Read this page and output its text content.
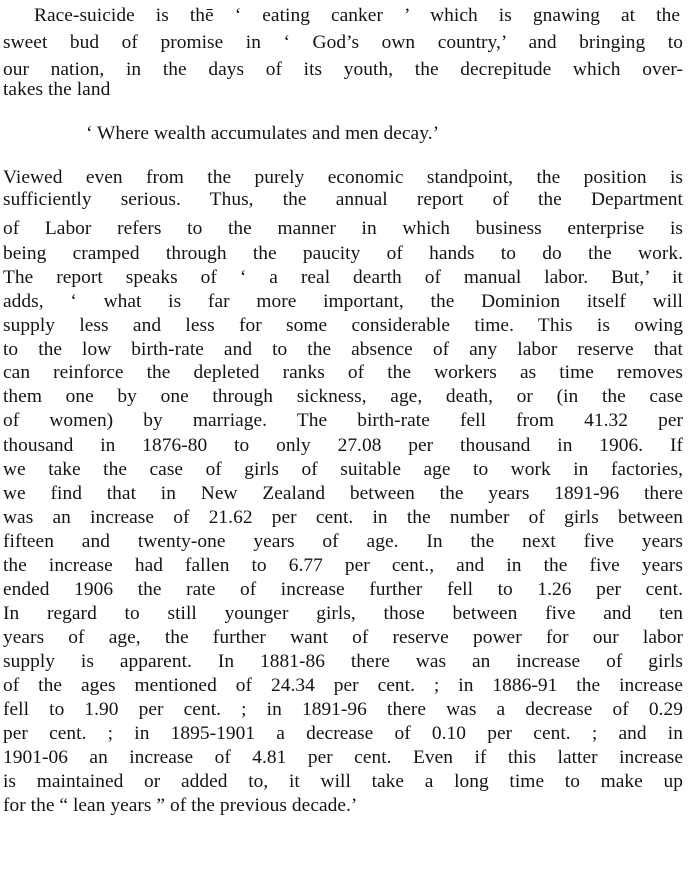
Race-suicide is thē ‘ eating canker ’ which is gnawing at the
sweet bud of promise in ‘ God’s own country,’ and bringing to
our nation, in the days of its youth, the decrepitude which over-
takes the land
‘ Where wealth accumulates and men decay.’
Viewed even from the purely economic standpoint, the position is
sufficiently serious. Thus, the annual report of the Department
of Labor refers to the manner in which business enterprise is
being cramped through the paucity of hands to do the work.
The report speaks of ‘ a real dearth of manual labor. But,’ it
adds, ‘ what is far more important, the Dominion itself will
supply less and less for some considerable time. This is owing
to the low birth-rate and to the absence of any labor reserve that
can reinforce the depleted ranks of the workers as time removes
them one by one through sickness, age, death, or (in the case
of women) by marriage. The birth-rate fell from 41.32 per
thousand in 1876-80 to only 27.08 per thousand in 1906. If
we take the case of girls of suitable age to work in factories,
we find that in New Zealand between the years 1891-96 there
was an increase of 21.62 per cent. in the number of girls between
fifteen and twenty-one years of age. In the next five years
the increase had fallen to 6.77 per cent., and in the five years
ended 1906 the rate of increase further fell to 1.26 per cent.
In regard to still younger girls, those between five and ten
years of age, the further want of reserve power for our labor
supply is apparent. In 1881-86 there was an increase of girls
of the ages mentioned of 24.34 per cent. ; in 1886-91 the increase
fell to 1.90 per cent. ; in 1891-96 there was a decrease of 0.29
per cent. ; in 1895-1901 a decrease of 0.10 per cent. ; and in
1901-06 an increase of 4.81 per cent. Even if this latter increase
is maintained or added to, it will take a long time to make up
for the “ lean years ” of the previous decade.’
